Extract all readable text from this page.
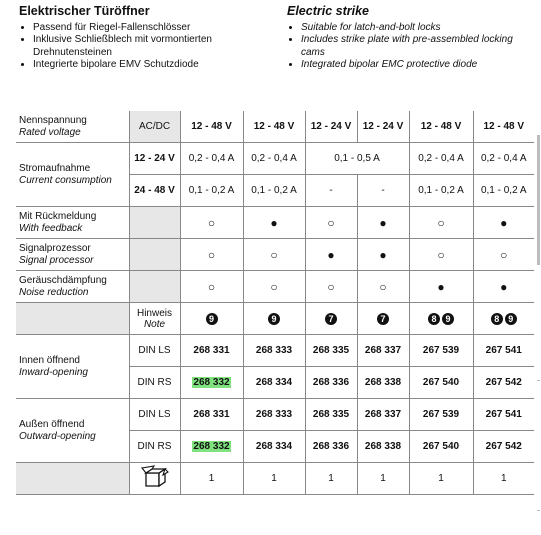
Elektrischer Türöffner
• Passend für Riegel-Fallenschlösser
• Inklusive Schließblech mit vormontierten Drehnutensteinen
• Integrierte bipolare EMV Schutzdiode
Electric strike
• Suitable for latch-and-bolt locks
• Includes strike plate with pre-assembled locking cams
• Integrated bipolar EMC protective diode
Nennspannung
Rated voltage	AC/DC	12 - 48 V	12 - 48 V	12 - 24 V	12 - 24 V	12 - 48 V	12 - 48 V
Stromaufnahme
Current consumption	12 - 24 V	0,2 - 0,4 A	0,2 - 0,4 A	0,1 - 0,5 A		0,2 - 0,4 A	0,2 - 0,4 A
	24 - 48 V	0,1 - 0,2 A	0,1 - 0,2 A	-	-	0,1 - 0,2 A	0,1 - 0,2 A
Mit Rückmeldung
With feedback		○	●	○	●	○	●
Signalprozessor
Signal processor		○	○	●	●	○	○
Geräuschdämpfung
Noise reduction		○	○	○	○	●	●
	Hinweis
Note	9	9	7	7	8 9	8 9
Innen öffnend
Inward-opening	DIN LS	268 331	268 333	268 335	268 337	267 539	267 541
	DIN RS	268 332	268 334	268 336	268 338	267 540	267 542
Außen öffnend
Outward-opening	DIN LS	268 331	268 333	268 335	268 337	267 539	267 541
	DIN RS	268 332	268 334	268 336	268 338	267 540	267 542
		1	1	1	1	1	1
